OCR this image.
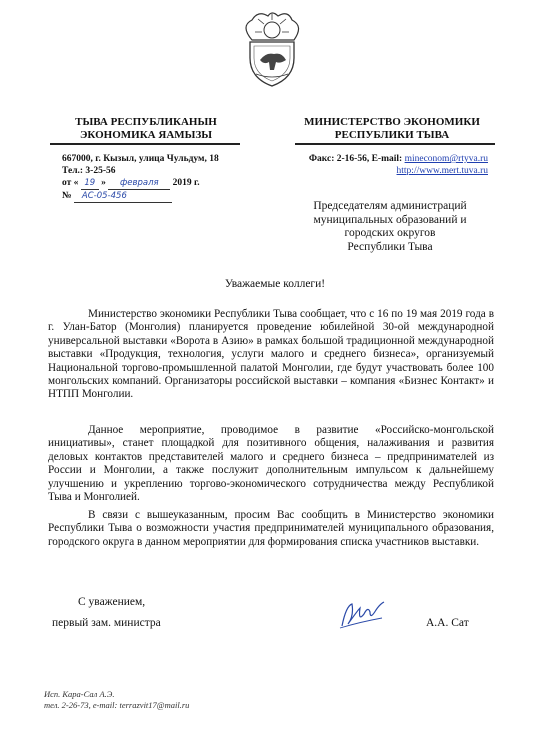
ТЫВА РЕСПУБЛИКАНЫН
ЭКОНОМИКА ЯАМЫЗЫ
МИНИСТЕРСТВО ЭКОНОМИКИ
РЕСПУБЛИКИ ТЫВА
667000, г. Кызыл, улица Чульдум, 18
Тел.: 3-25-56
от « 19 » февраля 2019 г.
№ АС-05-456
Факс: 2-16-56, E-mail: mineconom@rtyva.ru
http://www.mert.tuva.ru
Председателям администраций
муниципальных образований и
городских округов
Республики Тыва
Уважаемые коллеги!
Министерство экономики Республики Тыва сообщает, что с 16 по 19 мая 2019 года в г. Улан-Батор (Монголия) планируется проведение юбилейной 30-ой международной универсальной выставки «Ворота в Азию» в рамках большой традиционной международной выставки «Продукция, технология, услуги малого и среднего бизнеса», организуемый Национальной торгово-промышленной палатой Монголии, где будут участвовать более 100 монгольских компаний. Организаторы российской выставки – компания «Бизнес Контакт» и НТПП Монголии.
Данное мероприятие, проводимое в развитие «Российско-монгольской инициативы», станет площадкой для позитивного общения, налаживания и развития деловых контактов представителей малого и среднего бизнеса – предпринимателей из России и Монголии, а также послужит дополнительным импульсом к дальнейшему улучшению и укреплению торгово-экономического сотрудничества между Республикой Тыва и Монголией.
В связи с вышеуказанным, просим Вас сообщить в Министерство экономики Республики Тыва о возможности участия предпринимателей муниципального образования, городского округа в данном мероприятии для формирования списка участников выставки.
С уважением,
первый зам. министра	А.А. Сат
Исп. Кара-Сал А.Э.
тел. 2-26-73, e-mail: terrazvit17@mail.ru
